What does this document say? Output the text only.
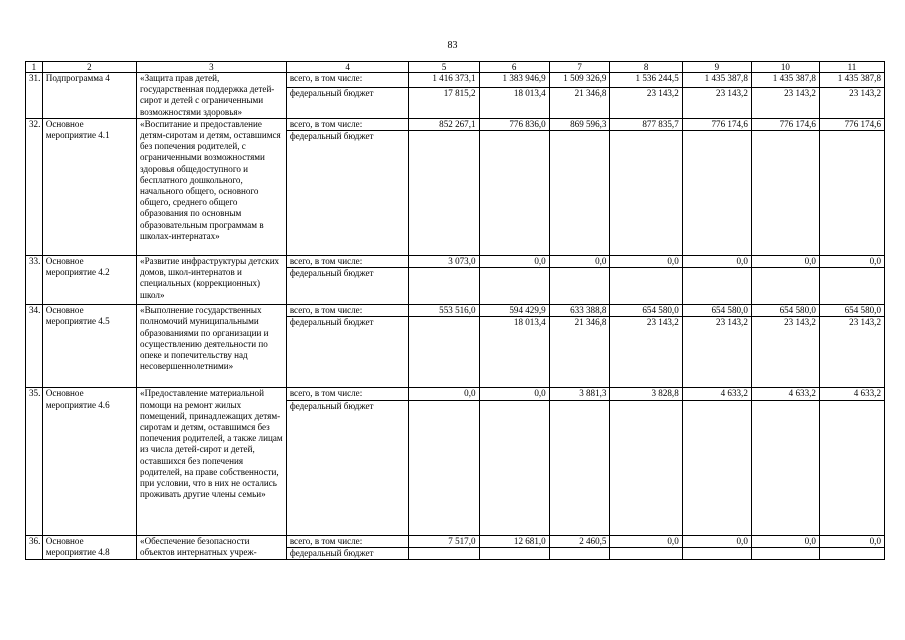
83
1	2	3	4	5	6	7	8	9	10	11
31.	Подпрограмма 4	«Защита прав детей, государственная поддержка детей-сирот и детей с ограниченными возможностями здоровья»	всего, в том числе:	1 416 373,1	1 383 946,9	1 509 326,9	1 536 244,5	1 435 387,8	1 435 387,8	1 435 387,8
			федеральный бюджет	17 815,2	18 013,4	21 346,8	23 143,2	23 143,2	23 143,2	23 143,2
32.	Основное мероприятие 4.1	«Воспитание и предоставление детям-сиротам и детям, оставшимся без попечения родителей, с ограниченными возможностями здоровья общедоступного и бесплатного дошкольного, начального общего, основного общего, среднего общего образования по основным образовательным программам в школах-интернатах»	всего, в том числе:	852 267,1	776 836,0	869 596,3	877 835,7	776 174,6	776 174,6	776 174,6
			федеральный бюджет							
33.	Основное мероприятие 4.2	«Развитие инфраструктуры детских домов, школ-интернатов и специальных (коррекционных) школ»	всего, в том числе:	3 073,0	0,0	0,0	0,0	0,0	0,0	0,0
			федеральный бюджет							
34.	Основное мероприятие 4.5	«Выполнение государственных полномочий муниципальными образованиями по организации и осуществлению деятельности по опеке и попечительству над несовершеннолетними»	всего, в том числе:	553 516,0	594 429,9	633 388,8	654 580,0	654 580,0	654 580,0	654 580,0
			федеральный бюджет		18 013,4	21 346,8	23 143,2	23 143,2	23 143,2	23 143,2
35.	Основное мероприятие 4.6	«Предоставление материальной помощи на ремонт жилых помещений, принадлежащих детям-сиротам и детям, оставшимся без попечения родителей, а также лицам из числа детей-сирот и детей, оставшихся без попечения родителей, на праве собственности, при условии, что в них не остались проживать другие члены семьи»	всего, в том числе:	0,0	0,0	3 881,3	3 828,8	4 633,2	4 633,2	4 633,2
			федеральный бюджет							
36.	Основное мероприятие 4.8	«Обеспечение безопасности объектов интернатных учреж-	всего, в том числе:	7 517,0	12 681,0	2 460,5	0,0	0,0	0,0	0,0
			федеральный бюджет							
